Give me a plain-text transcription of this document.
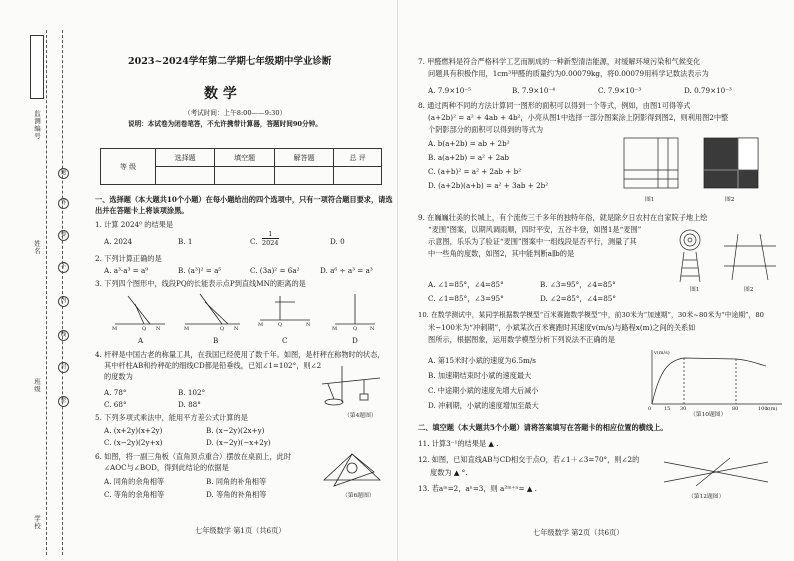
监测编号
姓名
班级
学校
题
答
要
不
内
线
封
密
2023~2024学年第二学期七年级期中学业诊断
数 学
（考试时间：上午8:00——9:30）
说明：本试卷为闭卷笔答，不允许携带计算器，答题时间90分钟。
等 级	选择题	填空题	解答题	总 评

一、选择题（本大题共10个小题）在每小题给出的四个选项中，只有一项符合题目要求，请选
出并在答题卡上将该项涂黑。
1. 计算 2024⁰ 的结果是
A. 2024	B. 1	C. $\frac{1}{2024}$	D. 0
2. 下列计算正确的是
A. a³·a³ = a⁹	B. (a³)² = a⁵	C. (3a)² = 6a²	D. a⁶ ÷ a³ = a³
3. 下列四个图形中，线段PQ的长能表示点P到直线MN的距离的是
M	Q N	M	Q N
M	Q	N
M	Q	N
A	B	C	D
4. 杆秤是中国古老的称量工具，在我国已经使用了数千年。如图，是杆秤在称物时的状态，
其中杆柱AB和拎秤砣的细线CD都是铅垂线，已知∠1=102°，则∠2
的度数为
A. 78°	B. 102°
C. 68°	D. 88°
（第4题图）
5. 下列多项式乘法中，能用平方差公式计算的是
A. (x+2y)(x+2y)	B. (x−2y)(2x+y)
C. (x−2y)(2y+x)	D. (x−2y)(−x+2y)
6. 如图，将一副三角板（直角顶点重合）摆放在桌面上，此时
∠AOC与∠BOD，得到此结论的依据是
A. 同角的余角相等	B. 同角的补角相等
C. 等角的余角相等	D. 等角的补角相等	（第6题图）
七年级数学 第1页（共6页）
7. 甲醛燃料是符合严格科学工艺而制成的一种新型清洁能源，对缓解环境污染和气候变化
问题具有积极作用，1cm³甲醛的质量约为0.00079kg，将0.00079用科学记数法表示为
A. 7.9×10⁻⁵	B. 7.9×10⁻⁴	C. 7.9×10⁻³	D. 0.79×10⁻³
8. 通过两种不同的方法计算同一图形的面积可以得到一个等式，例如，由图1可得等式
(a+2b)² = a² + 4ab + 4b²，小亮从图1中选择一部分图案涂上阴影得到图2，则利用图2中整
个阴影部分的面积可以得到的等式为
A. b(a+2b) = ab + 2b²
B. a(a+2b) = a² + 2ab
C. (a+b)² = a² + 2ab + b²
D. (a+2b)(a+b) = a² + 3ab + 2b²
图1	图2
9. 在巍巍壮美的长城上，有个流传三千多年的独特年俗，就是除夕日农村在自家院子地上绘
“麦围”图案，以期风调雨顺，四时平安，五谷丰登，如图1是“麦围”
示意图，乐乐为了验证“麦围”图案中一组线段是否平行，测量了其
中一些角的度数，如图2，其中能判断a∥b的是
A. ∠1=85°，∠4=85°	B. ∠3=95°，∠4=85°
C. ∠1=85°，∠3=95°	D. ∠2=85°，∠4=85°
图1	图2
10. 在数学测试中，某同学根据数学模型“百米赛跑数学模型”中，前30米为“加速期”，30米~80米为“中途期”，80
米~100米为“冲刺期”，小斌某次百米赛跑时其速度v(m/s)与路程x(m)之间的关系如
图所示，根据图象，运用数学模型分析下列说法不正确的是
A. 第15米时小斌的速度为6.5m/s
B. 加速期结束时小斌的速度最大
C. 中途期小斌的速度先增大后减小
D. 冲刺期，小斌的速度增加至最大
v(m/s)
x(m)
0	15 30	80	100
（第10题图）
二、填空题（本大题共5个小题）请将答案填写在答题卡的相应位置的横线上。
11. 计算3⁻¹的结果是 ▲ .
12. 如图，已知直线AB与CD相交于点O，若∠1＋∠3=70°，则∠2的
度数为 ▲ °.
（第12题图）
13. 若aᵐ=2，aⁿ=3，则 a²ᵐ⁺ⁿ= ▲ .
七年级数学 第2页（共6页）
